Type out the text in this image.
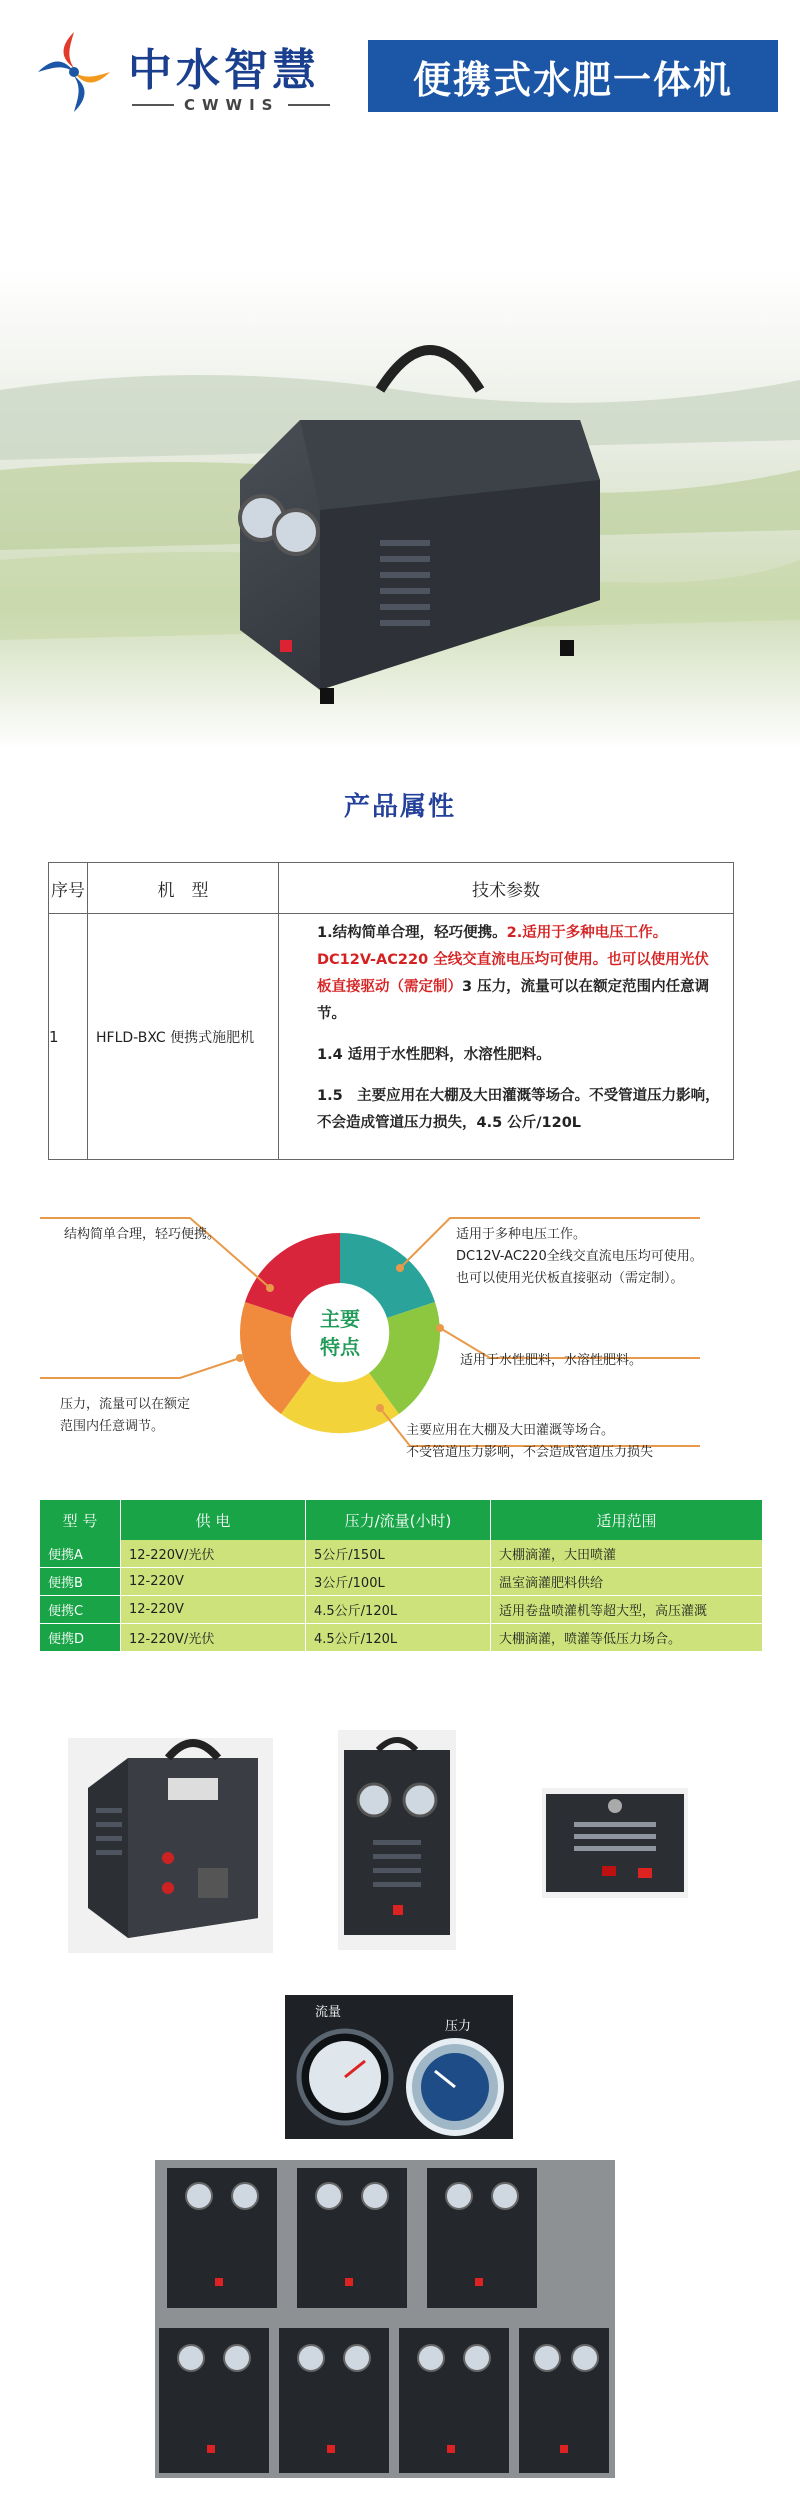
中水智慧
CWWIS
便携式水肥一体机
产品属性
序号	机　型	技术参数
1	HFLD-BXC 便携式施肥机	1.结构简单合理，轻巧便携。2.适用于多种电压工作。DC12V-AC220 全线交直流电压均可使用。也可以使用光伏板直接驱动（需定制）3 压力，流量可以在额定范围内任意调节。

1.4 适用于水性肥料，水溶性肥料。

1.5　主要应用在大棚及大田灌溉等场合。不受管道压力影响，不会造成管道压力损失，4.5 公斤/120L

主要
特点
结构简单合理，轻巧便携。	适用于多种电压工作。
DC12V-AC220全线交直流电压均可使用。
也可以使用光伏板直接驱动（需定制）。
适用于水性肥料，水溶性肥料。
压力，流量可以在额定
范围内任意调节。	主要应用在大棚及大田灌溉等场合。
不受管道压力影响，不会造成管道压力损失
型 号	供 电	压力/流量(小时)	适用范围
便携A	12-220V/光伏	5公斤/150L	大棚滴灌，大田喷灌
便携B	12-220V	3公斤/100L	温室滴灌肥料供给
便携C	12-220V	4.5公斤/120L	适用卷盘喷灌机等超大型，高压灌溉
便携D	12-220V/光伏	4.5公斤/120L	大棚滴灌，喷灌等低压力场合。
流量
压力
